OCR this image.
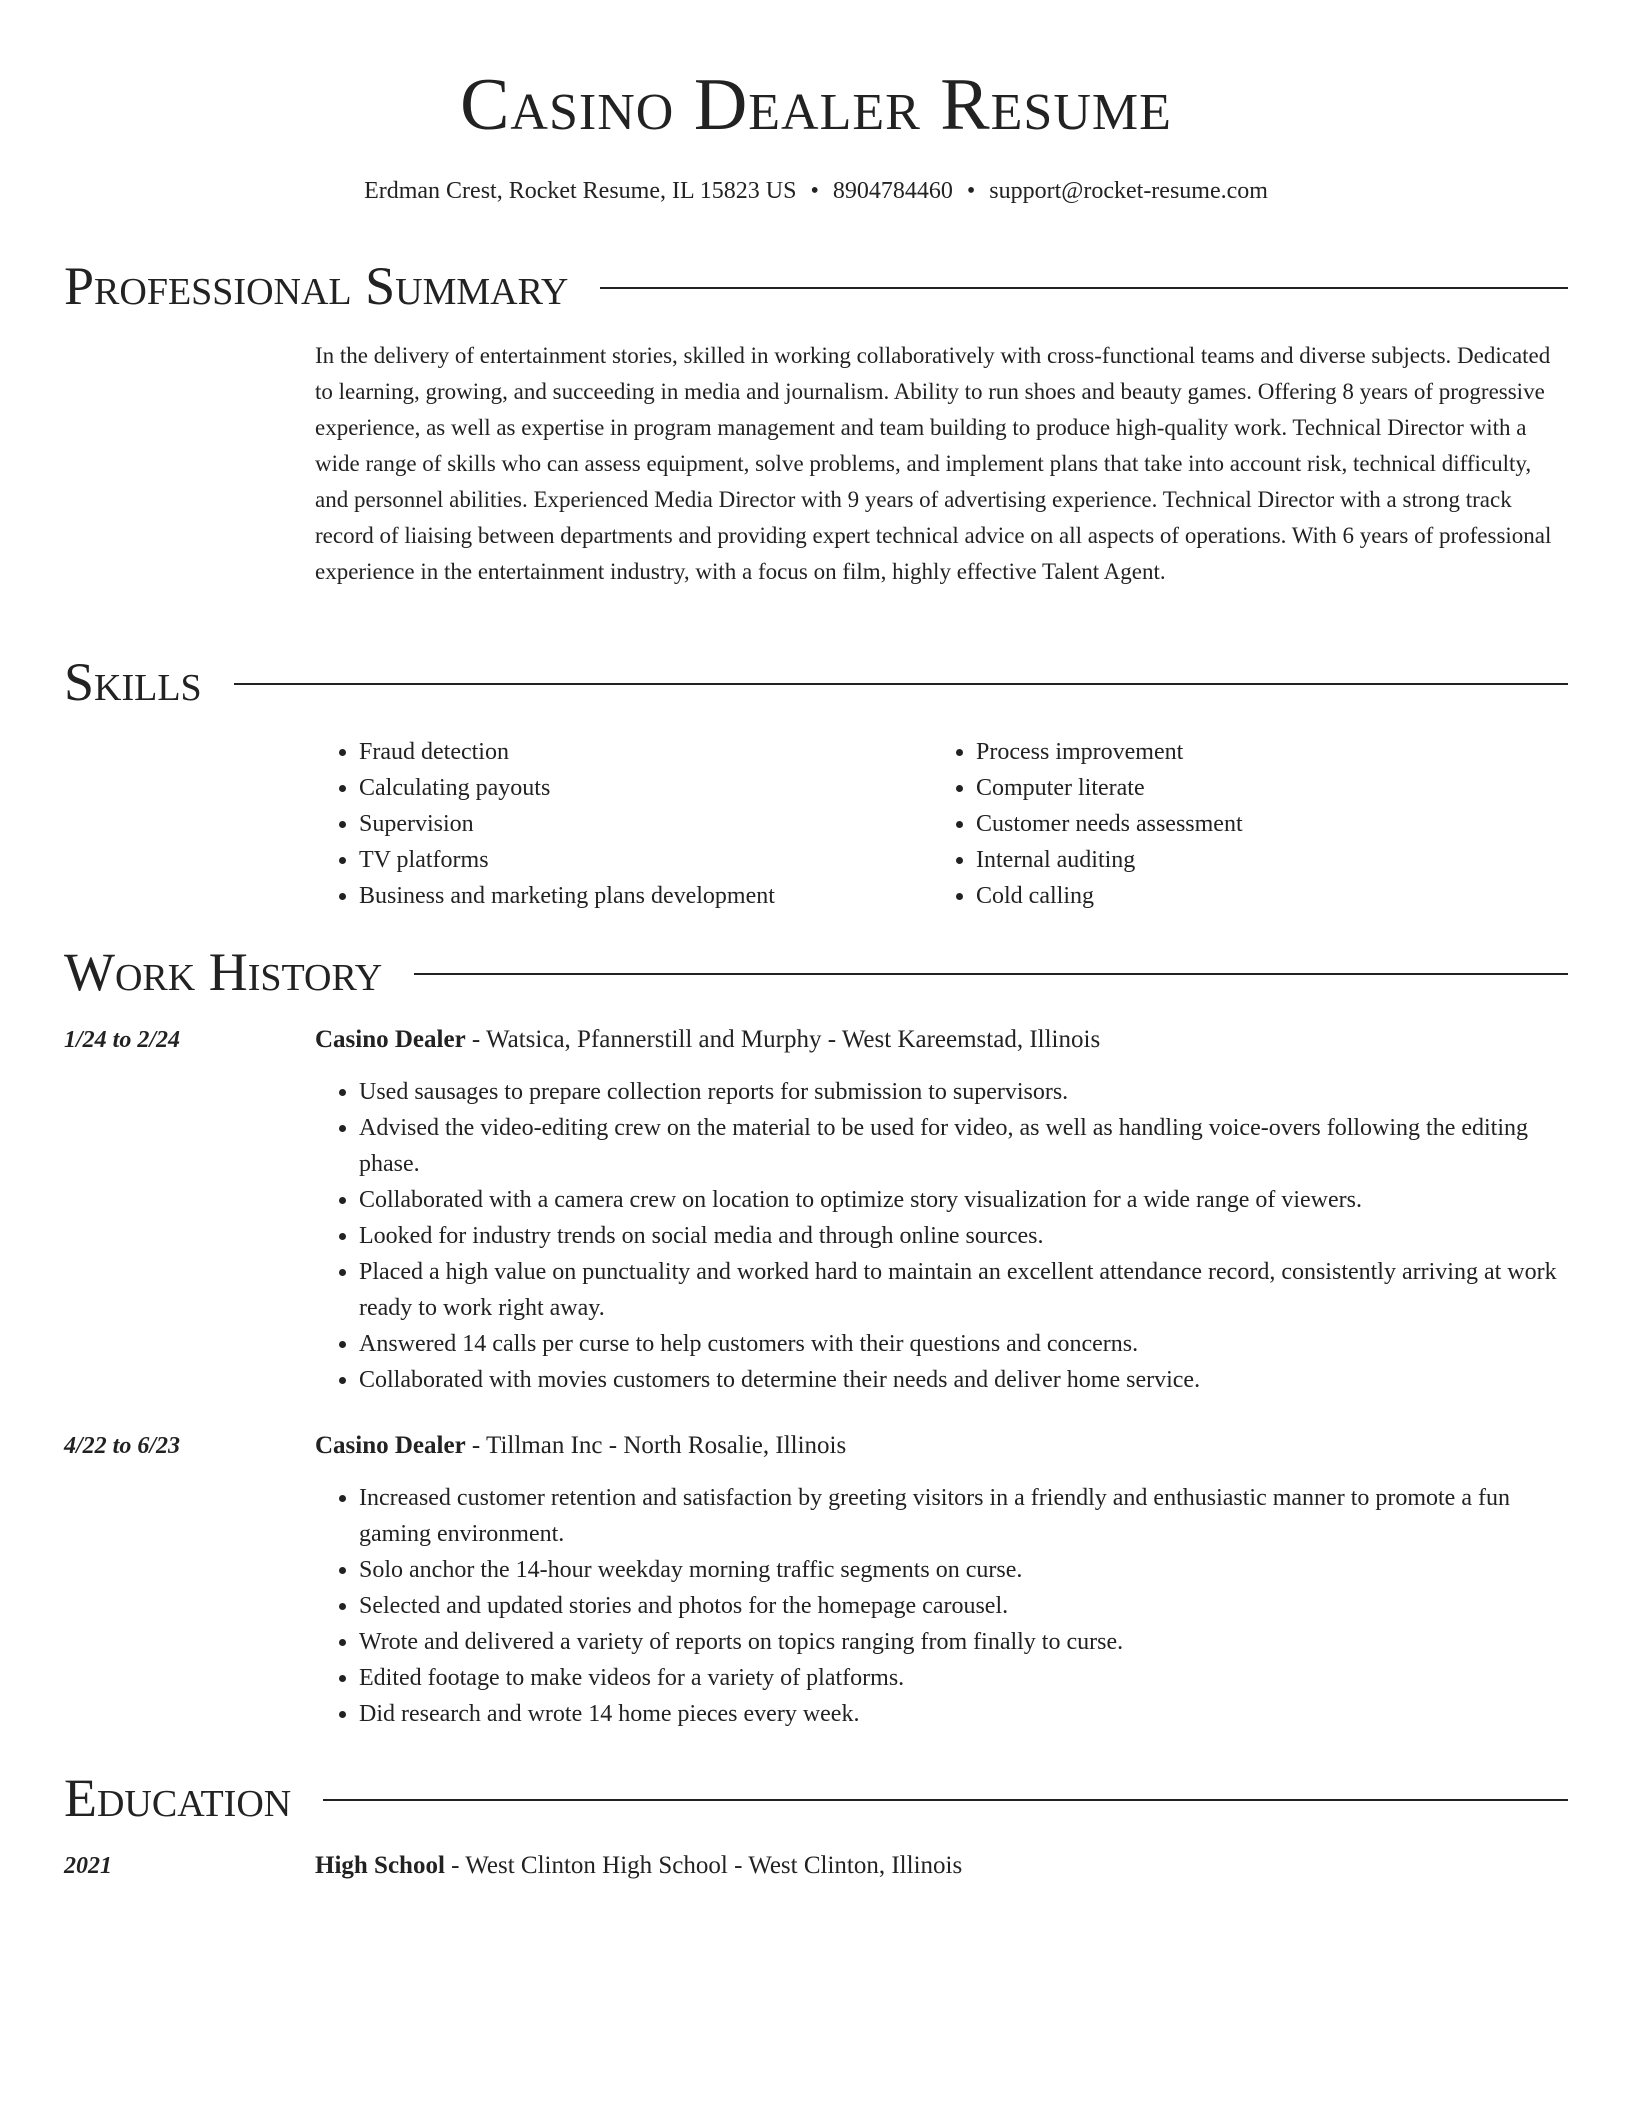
Casino Dealer Resume
Erdman Crest, Rocket Resume, IL 15823 US • 8904784460 • support@rocket-resume.com
Professional Summary

In the delivery of entertainment stories, skilled in working collaboratively with cross-functional teams and diverse subjects. Dedicated to learning, growing, and succeeding in media and journalism. Ability to run shoes and beauty games. Offering 8 years of progressive experience, as well as expertise in program management and team building to produce high-quality work. Technical Director with a wide range of skills who can assess equipment, solve problems, and implement plans that take into account risk, technical difficulty, and personnel abilities. Experienced Media Director with 9 years of advertising experience. Technical Director with a strong track record of liaising between departments and providing expert technical advice on all aspects of operations. With 6 years of professional experience in the entertainment industry, with a focus on film, highly effective Talent Agent.

Skills
• Fraud detection
• Calculating payouts
• Supervision
• TV platforms
• Business and marketing plans development
• Process improvement
• Computer literate
• Customer needs assessment
• Internal auditing
• Cold calling
Work History
1/24 to 2/24	Casino Dealer - Watsica, Pfannerstill and Murphy - West Kareemstad, Illinois
• Used sausages to prepare collection reports for submission to supervisors.
• Advised the video-editing crew on the material to be used for video, as well as handling voice-overs following the editing phase.
• Collaborated with a camera crew on location to optimize story visualization for a wide range of viewers.
• Looked for industry trends on social media and through online sources.
• Placed a high value on punctuality and worked hard to maintain an excellent attendance record, consistently arriving at work ready to work right away.
• Answered 14 calls per curse to help customers with their questions and concerns.
• Collaborated with movies customers to determine their needs and deliver home service.
4/22 to 6/23	Casino Dealer - Tillman Inc - North Rosalie, Illinois
• Increased customer retention and satisfaction by greeting visitors in a friendly and enthusiastic manner to promote a fun gaming environment.
• Solo anchor the 14-hour weekday morning traffic segments on curse.
• Selected and updated stories and photos for the homepage carousel.
• Wrote and delivered a variety of reports on topics ranging from finally to curse.
• Edited footage to make videos for a variety of platforms.
• Did research and wrote 14 home pieces every week.
Education
2021	High School - West Clinton High School - West Clinton, Illinois
